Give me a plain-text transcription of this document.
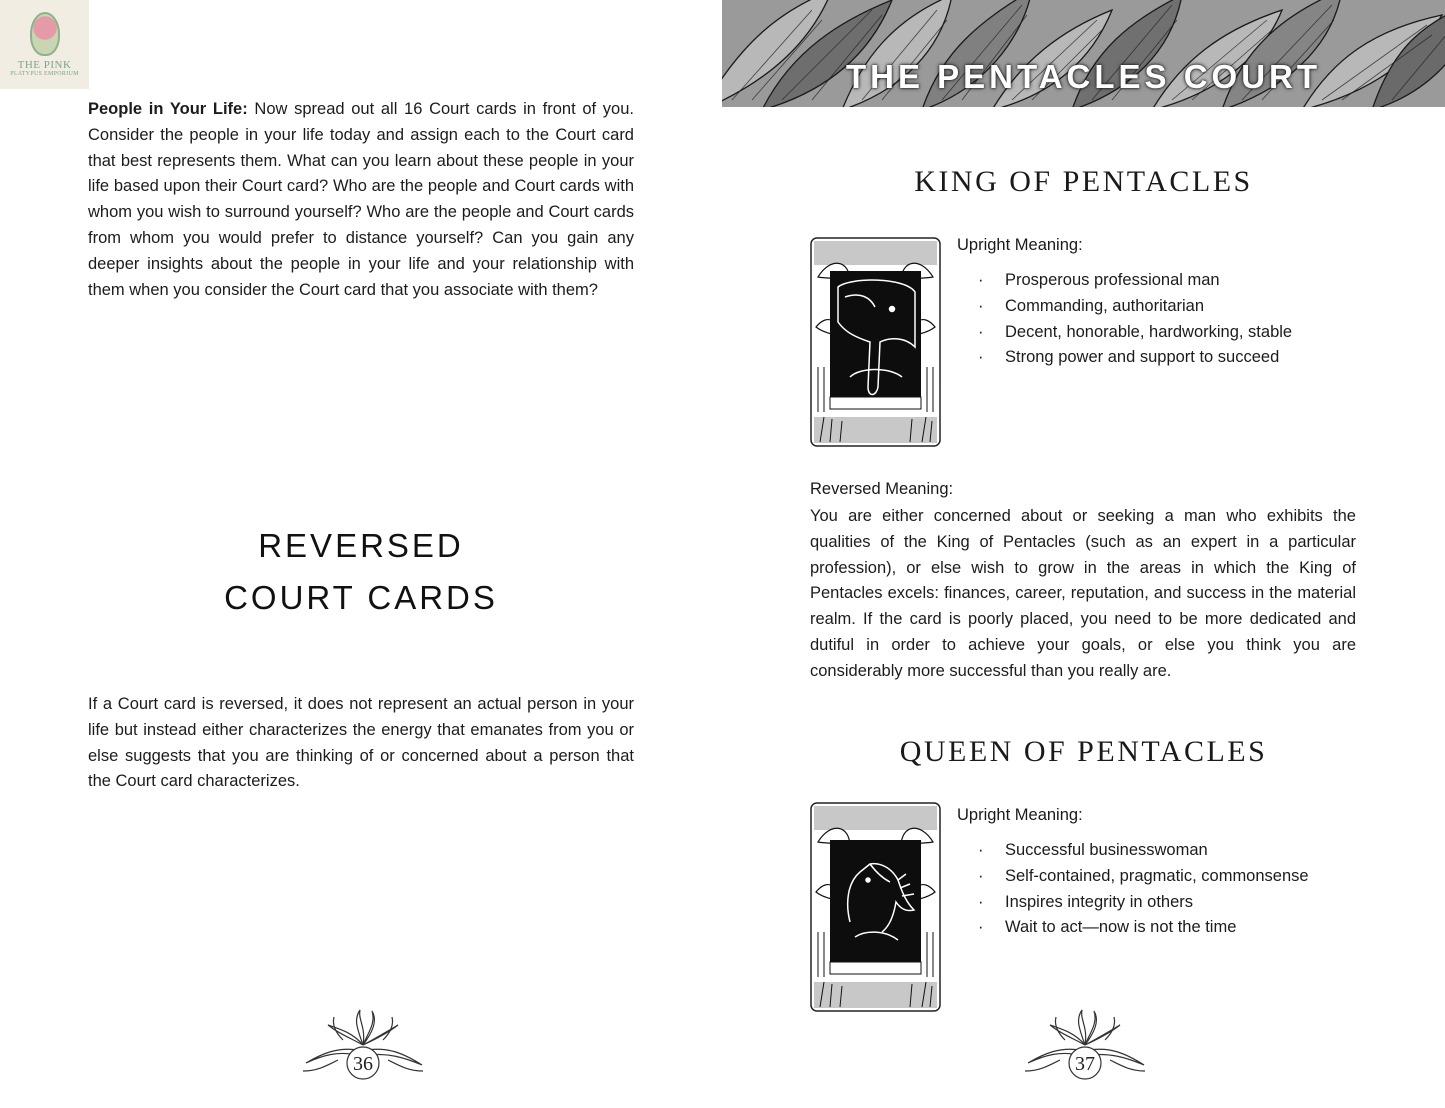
THE PINK
PLATYPUS EMPORIUM
People in Your Life: Now spread out all 16 Court cards in front of you. Consider the people in your life today and assign each to the Court card that best represents them. What can you learn about these people in your life based upon their Court card? Who are the people and Court cards with whom you wish to surround yourself? Who are the people and Court cards from whom you would prefer to distance yourself? Can you gain any deeper insights about the people in your life and your relationship with them when you consider the Court card that you associate with them?
REVERSED
COURT CARDS
If a Court card is reversed, it does not represent an actual person in your life but instead either characterizes the energy that emanates from you or else suggests that you are thinking of or concerned about a person that the Court card characterizes.
36
THE PENTACLES COURT
KING OF PENTACLES
Upright Meaning:
· Prosperous professional man
· Commanding, authoritarian
· Decent, honorable, hardworking, stable
· Strong power and support to succeed
Reversed Meaning:
You are either concerned about or seeking a man who exhibits the qualities of the King of Pentacles (such as an expert in a particular profession), or else wish to grow in the areas in which the King of Pentacles excels: finances, career, reputation, and success in the material realm. If the card is poorly placed, you need to be more dedicated and dutiful in order to achieve your goals, or else you think you are considerably more successful than you really are.
QUEEN OF PENTACLES
Upright Meaning:
· Successful businesswoman
· Self-contained, pragmatic, commonsense
· Inspires integrity in others
· Wait to act—now is not the time
37
